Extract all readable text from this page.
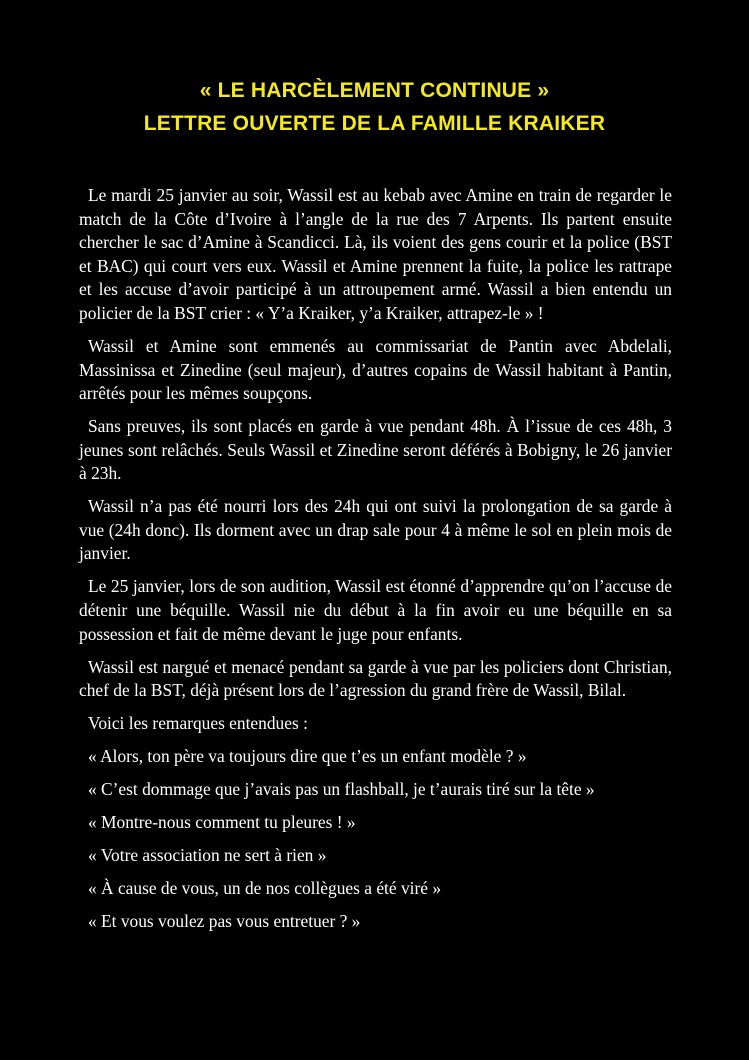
« LE HARCÈLEMENT CONTINUE »

LETTRE OUVERTE DE LA FAMILLE KRAIKER

Le mardi 25 janvier au soir, Wassil est au kebab avec Amine en train de regarder le match de la Côte d’Ivoire à l’angle de la rue des 7 Arpents. Ils partent ensuite chercher le sac d’Amine à Scandicci. Là, ils voient des gens courir et la police (BST et BAC) qui court vers eux. Wassil et Amine prennent la fuite, la police les rattrape et les accuse d’avoir participé à un attroupement armé. Wassil a bien entendu un policier de la BST crier : « Y’a Kraiker, y’a Kraiker, attrapez-le » !

Wassil et Amine sont emmenés au commissariat de Pantin avec Abdelali, Massinissa et Zinedine (seul majeur), d’autres copains de Wassil habitant à Pantin, arrêtés pour les mêmes soupçons.

Sans preuves, ils sont placés en garde à vue pendant 48h. À l’issue de ces 48h, 3 jeunes sont relâchés. Seuls Wassil et Zinedine seront déférés à Bobigny, le 26 janvier à 23h.

Wassil n’a pas été nourri lors des 24h qui ont suivi la prolongation de sa garde à vue (24h donc). Ils dorment avec un drap sale pour 4 à même le sol en plein mois de janvier.

Le 25 janvier, lors de son audition, Wassil est étonné d’apprendre qu’on l’accuse de détenir une béquille. Wassil nie du début à la fin avoir eu une béquille en sa possession et fait de même devant le juge pour enfants.

Wassil est nargué et menacé pendant sa garde à vue par les policiers dont Christian, chef de la BST, déjà présent lors de l’agression du grand frère de Wassil, Bilal.

Voici les remarques entendues :

« Alors, ton père va toujours dire que t’es un enfant modèle ? »

« C’est dommage que j’avais pas un flashball, je t’aurais tiré sur la tête »

« Montre-nous comment tu pleures ! »

« Votre association ne sert à rien »

« À cause de vous, un de nos collègues a été viré »

« Et vous voulez pas vous entretuer ? »
